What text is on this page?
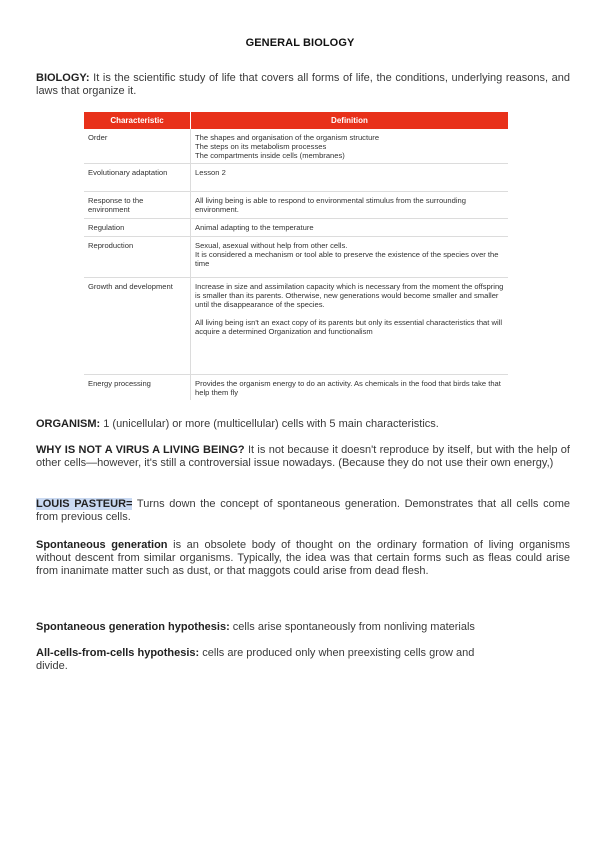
GENERAL BIOLOGY

BIOLOGY: It is the scientific study of life that covers all forms of life, the conditions, underlying reasons, and laws that organize it.

Characteristic	Definition
Order	The shapes and organisation of the organism structure
The steps on its metabolism processes
The compartments inside cells (membranes)

Evolutionary adaptation	Lesson 2

Response to the environment	All living being is able to respond to environmental stimulus from the surrounding environment.

Regulation	Animal adapting to the temperature

Reproduction	Sexual, asexual without help from other cells.
It is considered a mechanism or tool able to preserve the existence of the species over the time

Growth and development	Increase in size and assimilation capacity which is necessary from the moment the offspring is smaller than its parents. Otherwise, new generations would become smaller and smaller until the disappearance of the species.
All living being isn't an exact copy of its parents but only its essential characteristics that will acquire a determined Organization and functionalism

Energy processing	Provides the organism energy to do an activity. As chemicals in the food that birds take that help them fly

ORGANISM: 1 (unicellular) or more (multicellular) cells with 5 main characteristics.

WHY IS NOT A VIRUS A LIVING BEING? It is not because it doesn't reproduce by itself, but with the help of other cells—however, it's still a controversial issue nowadays. (Because they do not use their own energy,)

LOUIS PASTEUR= Turns down the concept of spontaneous generation. Demonstrates that all cells come from previous cells.

Spontaneous generation is an obsolete body of thought on the ordinary formation of living organisms without descent from similar organisms. Typically, the idea was that certain forms such as fleas could arise from inanimate matter such as dust, or that maggots could arise from dead flesh.

Spontaneous generation hypothesis: cells arise spontaneously from nonliving materials

All-cells-from-cells hypothesis: cells are produced only when preexisting cells grow and divide.
